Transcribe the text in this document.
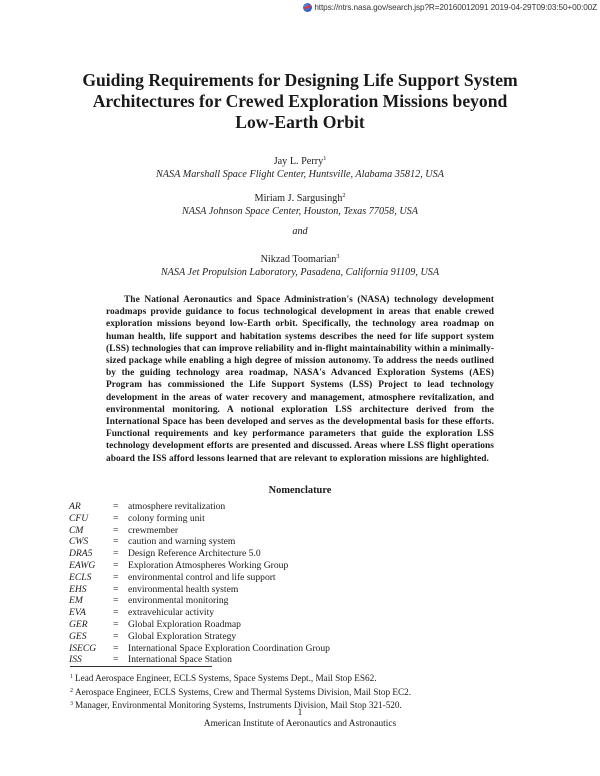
https://ntrs.nasa.gov/search.jsp?R=20160012091 2019-04-29T09:03:50+00:00Z
Guiding Requirements for Designing Life Support System
Architectures for Crewed Exploration Missions beyond
Low-Earth Orbit
Jay L. Perry$^1$
NASA Marshall Space Flight Center, Huntsville, Alabama 35812, USA
Miriam J. Sargusingh$^2$
NASA Johnson Space Center, Houston, Texas 77058, USA
and
Nikzad Toomarian$^3$
NASA Jet Propulsion Laboratory, Pasadena, California 91109, USA
The National Aeronautics and Space Administration's (NASA) technology development roadmaps provide guidance to focus technological development in areas that enable crewed exploration missions beyond low-Earth orbit. Specifically, the technology area roadmap on human health, life support and habitation systems describes the need for life support system (LSS) technologies that can improve reliability and in-flight maintainability within a minimally-sized package while enabling a high degree of mission autonomy. To address the needs outlined by the guiding technology area roadmap, NASA's Advanced Exploration Systems (AES) Program has commissioned the Life Support Systems (LSS) Project to lead technology development in the areas of water recovery and management, atmosphere revitalization, and environmental monitoring. A notional exploration LSS architecture derived from the International Space has been developed and serves as the developmental basis for these efforts. Functional requirements and key performance parameters that guide the exploration LSS technology development efforts are presented and discussed. Areas where LSS flight operations aboard the ISS afford lessons learned that are relevant to exploration missions are highlighted.
Nomenclature
AR	= atmosphere revitalization
CFU	= colony forming unit
CM	= crewmember
CWS	= caution and warning system
DRA5	= Design Reference Architecture 5.0
EAWG	= Exploration Atmospheres Working Group
ECLS	= environmental control and life support
EHS	= environmental health system
EM	= environmental monitoring
EVA	= extravehicular activity
GER	= Global Exploration Roadmap
GES	= Global Exploration Strategy
ISECG	= International Space Exploration Coordination Group
ISS	= International Space Station
$^1$ Lead Aerospace Engineer, ECLS Systems, Space Systems Dept., Mail Stop ES62.
$^2$ Aerospace Engineer, ECLS Systems, Crew and Thermal Systems Division, Mail Stop EC2.
$^3$ Manager, Environmental Monitoring Systems, Instruments Division, Mail Stop 321-520.
1
American Institute of Aeronautics and Astronautics
